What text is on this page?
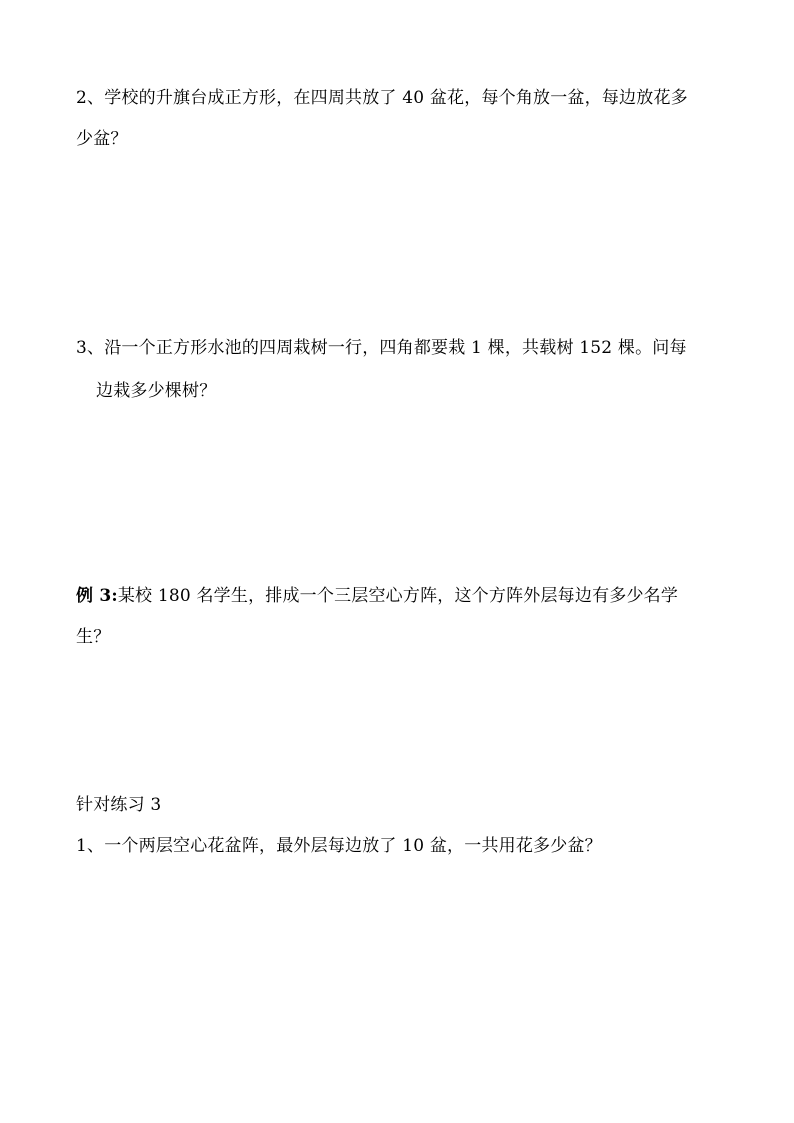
2、学校的升旗台成正方形，在四周共放了 40 盆花，每个角放一盆，每边放花多
少盆？
3、沿一个正方形水池的四周栽树一行，四角都要栽 1 棵，共载树 152 棵。问每
边栽多少棵树？
例 3:某校 180 名学生，排成一个三层空心方阵，这个方阵外层每边有多少名学
生？
针对练习 3
1、一个两层空心花盆阵，最外层每边放了 10 盆，一共用花多少盆？
